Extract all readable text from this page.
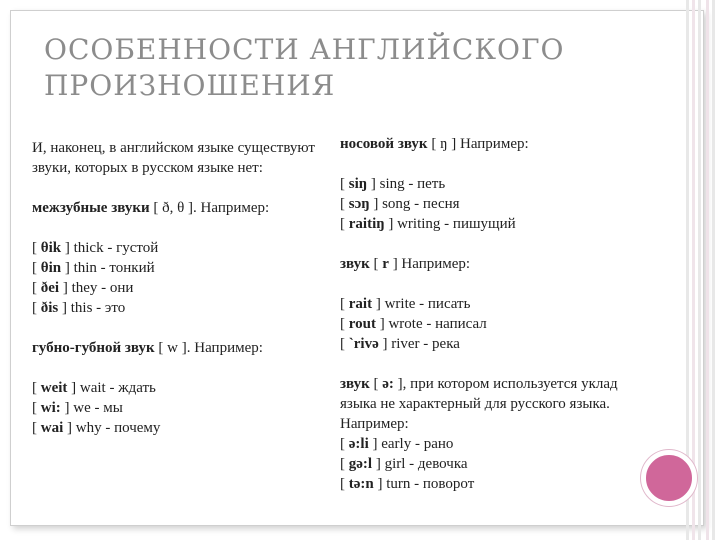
ОСОБЕННОСТИ АНГЛИЙСКОГО ПРОИЗНОШЕНИЯ
И, наконец, в английском языке существуют звуки, которых в русском языке нет:
межзубные звуки [ ð, θ ]. Например:
[ θik ] thick - густой
[ θin ] thin - тонкий
[ ðei ] they - они
[ ðis ] this - это
губно-губной звук [ w ]. Например:
[ weit ] wait - ждать
[ wi: ] we - мы
[ wai ] why - почему
носовой звук [ ŋ ] Например:
[ siŋ ] sing - петь
[ sɔŋ ] song - песня
[ raitiŋ ] writing - пишущий
звук [ r ] Например:
[ rait ] write - писать
[ rout ] wrote - написал
[ `rivə ] river - река
звук [ ə: ], при котором используется уклад языка не характерный для русского языка. Например:
[ ə:li ] early - рано
[ gə:l ] girl - девочка
[ tə:n ] turn - поворот
